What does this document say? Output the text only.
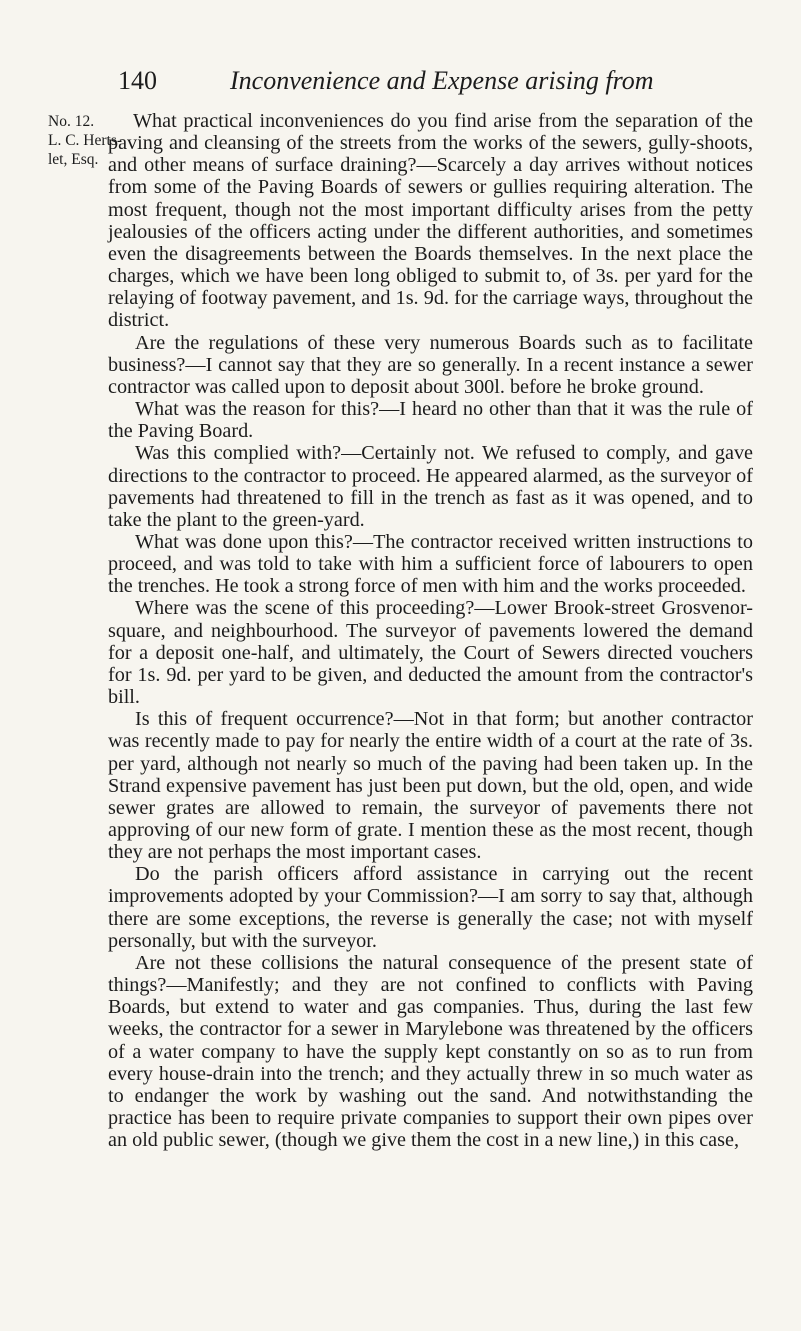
140	Inconvenience and Expense arising from
No. 12.
L. C. Herts-
let, Esq.

What practical inconveniences do you find arise from the separation of the paving and cleansing of the streets from the works of the sewers, gully-shoots, and other means of surface draining?—Scarcely a day arrives without notices from some of the Paving Boards of sewers or gullies requiring alteration. The most frequent, though not the most important difficulty arises from the petty jealousies of the officers acting under the different authorities, and sometimes even the disagreements between the Boards themselves. In the next place the charges, which we have been long obliged to submit to, of 3s. per yard for the relaying of footway pavement, and 1s. 9d. for the carriage ways, throughout the district.

Are the regulations of these very numerous Boards such as to facilitate business?—I cannot say that they are so generally. In a recent instance a sewer contractor was called upon to deposit about 300l. before he broke ground.

What was the reason for this?—I heard no other than that it was the rule of the Paving Board.

Was this complied with?—Certainly not. We refused to comply, and gave directions to the contractor to proceed. He appeared alarmed, as the surveyor of pavements had threatened to fill in the trench as fast as it was opened, and to take the plant to the green-yard.

What was done upon this?—The contractor received written instructions to proceed, and was told to take with him a sufficient force of labourers to open the trenches. He took a strong force of men with him and the works proceeded.

Where was the scene of this proceeding?—Lower Brook-street Grosvenor-square, and neighbourhood. The surveyor of pavements lowered the demand for a deposit one-half, and ultimately, the Court of Sewers directed vouchers for 1s. 9d. per yard to be given, and deducted the amount from the contractor's bill.

Is this of frequent occurrence?—Not in that form; but another contractor was recently made to pay for nearly the entire width of a court at the rate of 3s. per yard, although not nearly so much of the paving had been taken up. In the Strand expensive pavement has just been put down, but the old, open, and wide sewer grates are allowed to remain, the surveyor of pavements there not approving of our new form of grate. I mention these as the most recent, though they are not perhaps the most important cases.

Do the parish officers afford assistance in carrying out the recent improvements adopted by your Commission?—I am sorry to say that, although there are some exceptions, the reverse is generally the case; not with myself personally, but with the surveyor.

Are not these collisions the natural consequence of the present state of things?—Manifestly; and they are not confined to conflicts with Paving Boards, but extend to water and gas companies. Thus, during the last few weeks, the contractor for a sewer in Marylebone was threatened by the officers of a water company to have the supply kept constantly on so as to run from every house-drain into the trench; and they actually threw in so much water as to endanger the work by washing out the sand. And notwithstanding the practice has been to require private companies to support their own pipes over an old public sewer, (though we give them the cost in a new line,) in this case,
